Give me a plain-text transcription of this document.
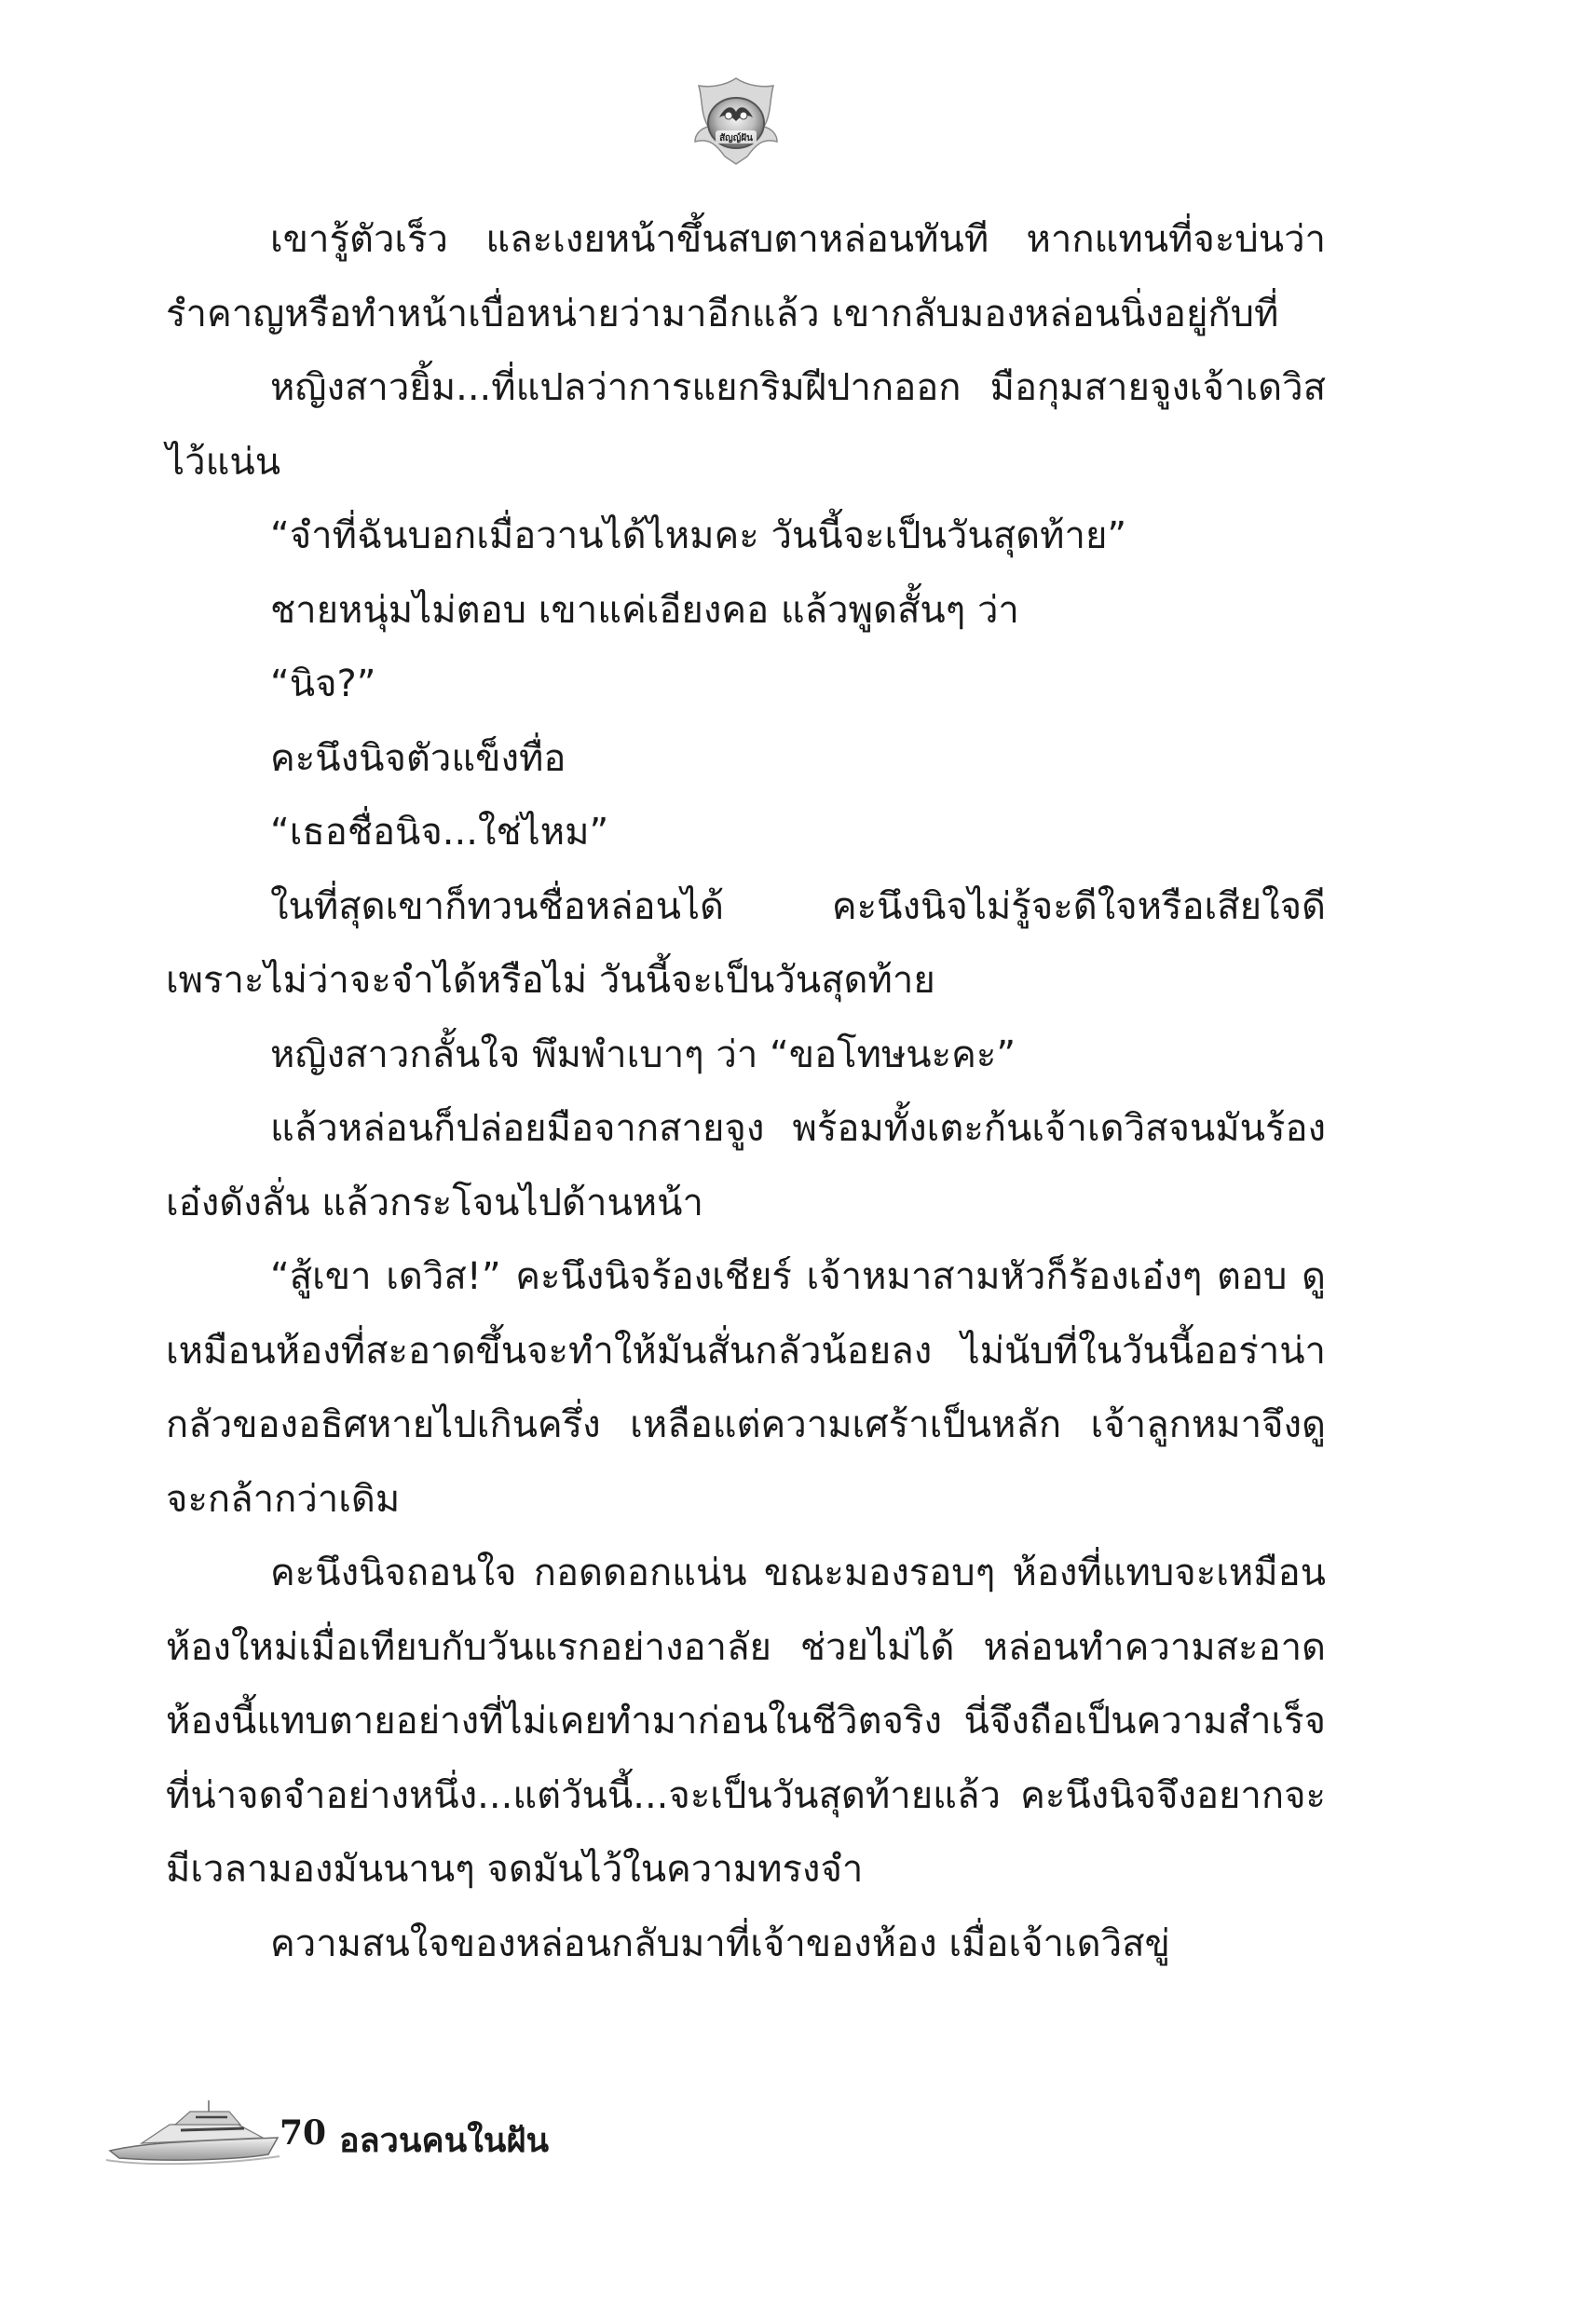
สัญญ์ฝัน

เขารู้ตัวเร็ว และเงยหน้าขึ้นสบตาหล่อนทันที หากแทนที่จะบ่นว่ารำคาญหรือทำหน้าเบื่อหน่ายว่ามาอีกแล้ว เขากลับมองหล่อนนิ่งอยู่กับที่

หญิงสาวยิ้ม...ที่แปลว่าการแยกริมฝีปากออก มือกุมสายจูงเจ้าเดวิสไว้แน่น

“จำที่ฉันบอกเมื่อวานได้ไหมคะ วันนี้จะเป็นวันสุดท้าย”

ชายหนุ่มไม่ตอบ เขาแค่เอียงคอ แล้วพูดสั้นๆ ว่า

“นิจ?”

คะนึงนิจตัวแข็งทื่อ

“เธอชื่อนิจ...ใช่ไหม”

ในที่สุดเขาก็ทวนชื่อหล่อนได้ คะนึงนิจไม่รู้จะดีใจหรือเสียใจดีเพราะไม่ว่าจะจำได้หรือไม่ วันนี้จะเป็นวันสุดท้าย

หญิงสาวกลั้นใจ พึมพำเบาๆ ว่า “ขอโทษนะคะ”

แล้วหล่อนก็ปล่อยมือจากสายจูง พร้อมทั้งเตะก้นเจ้าเดวิสจนมันร้องเอ๋งดังลั่น แล้วกระโจนไปด้านหน้า

“สู้เขา เดวิส!” คะนึงนิจร้องเชียร์ เจ้าหมาสามหัวก็ร้องเอ๋งๆ ตอบ ดูเหมือนห้องที่สะอาดขึ้นจะทำให้มันสั่นกลัวน้อยลง ไม่นับที่ในวันนี้ออร่าน่ากลัวของอธิศหายไปเกินครึ่ง เหลือแต่ความเศร้าเป็นหลัก เจ้าลูกหมาจึงดูจะกล้ากว่าเดิม

คะนึงนิจถอนใจ กอดดอกแน่น ขณะมองรอบๆ ห้องที่แทบจะเหมือนห้องใหม่เมื่อเทียบกับวันแรกอย่างอาลัย ช่วยไม่ได้ หล่อนทำความสะอาดห้องนี้แทบตายอย่างที่ไม่เคยทำมาก่อนในชีวิตจริง นี่จึงถือเป็นความสำเร็จที่น่าจดจำอย่างหนึ่ง...แต่วันนี้...จะเป็นวันสุดท้ายแล้ว คะนึงนิจจึงอยากจะมีเวลามองมันนานๆ จดมันไว้ในความทรงจำ

ความสนใจของหล่อนกลับมาที่เจ้าของห้อง เมื่อเจ้าเดวิสขู่

70 อลวนคนในฝัน
